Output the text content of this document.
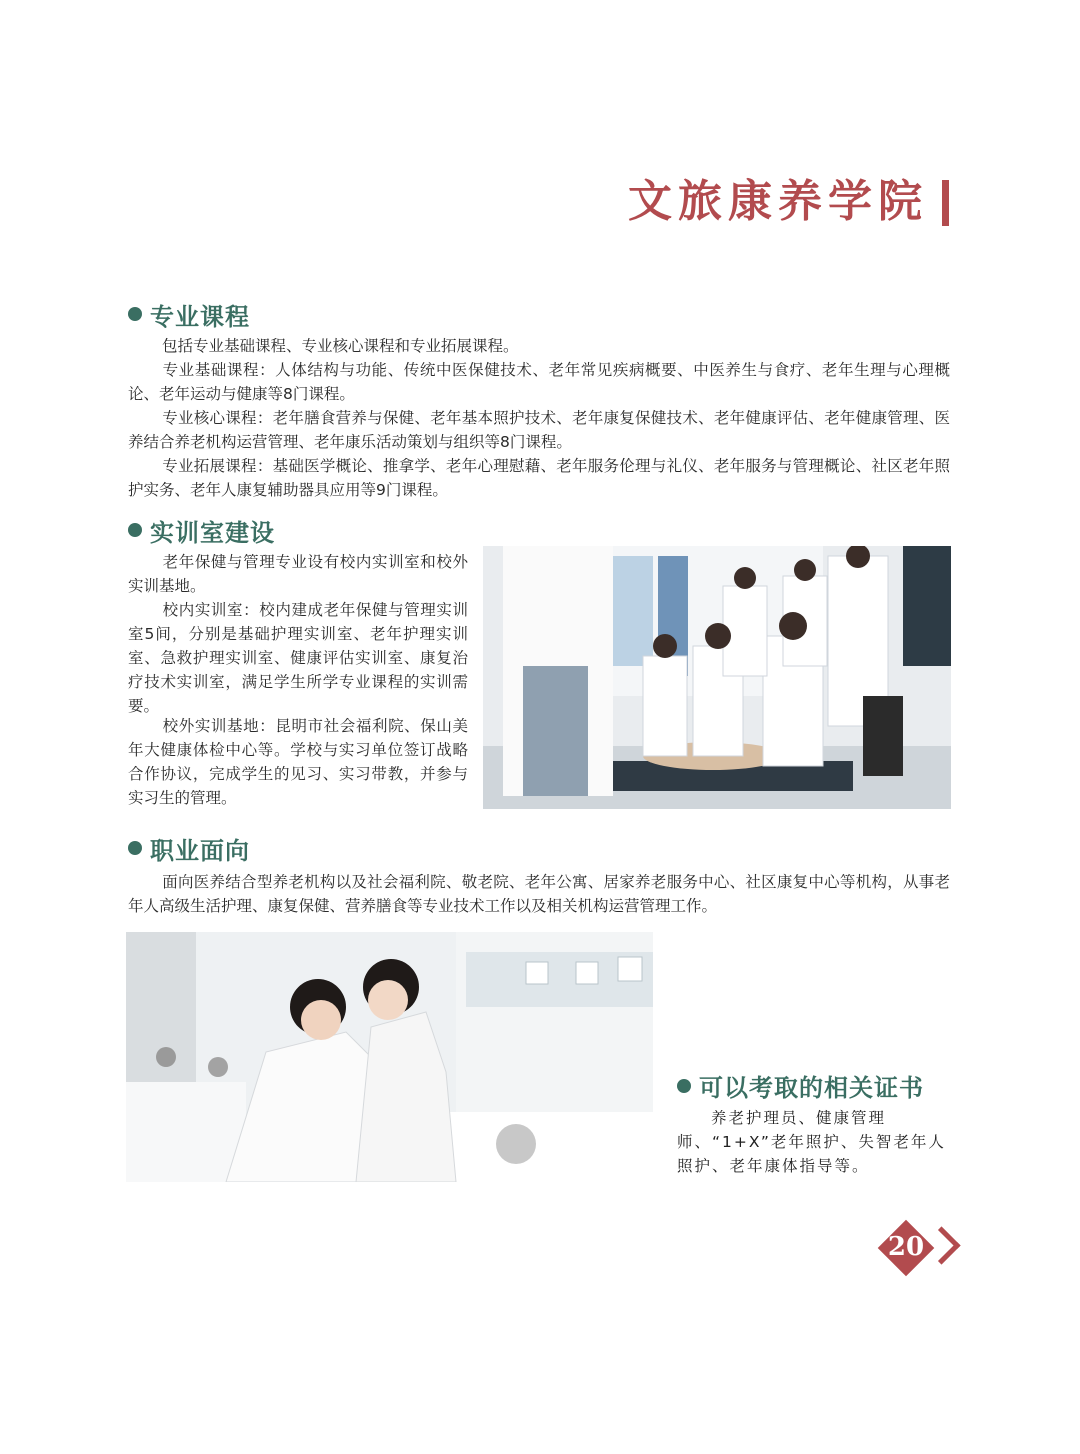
文旅康养学院
专业课程

包括专业基础课程、专业核心课程和专业拓展课程。

专业基础课程：人体结构与功能、传统中医保健技术、老年常见疾病概要、中医养生与食疗、老年生理与心理概论、老年运动与健康等8门课程。

专业核心课程：老年膳食营养与保健、老年基本照护技术、老年康复保健技术、老年健康评估、老年健康管理、医养结合养老机构运营管理、老年康乐活动策划与组织等8门课程。

专业拓展课程：基础医学概论、推拿学、老年心理慰藉、老年服务伦理与礼仪、老年服务与管理概论、社区老年照护实务、老年人康复辅助器具应用等9门课程。

实训室建设

老年保健与管理专业设有校内实训室和校外实训基地。

校内实训室：校内建成老年保健与管理实训室5间，分别是基础护理实训室、老年护理实训室、急救护理实训室、健康评估实训室、康复治疗技术实训室，满足学生所学专业课程的实训需要。

校外实训基地：昆明市社会福利院、保山美年大健康体检中心等。学校与实习单位签订战略合作协议，完成学生的见习、实习带教，并参与实习生的管理。

职业面向

面向医养结合型养老机构以及社会福利院、敬老院、老年公寓、居家养老服务中心、社区康复中心等机构，从事老年人高级生活护理、康复保健、营养膳食等专业技术工作以及相关机构运营管理工作。

可以考取的相关证书

养老护理员、健康管理师、“1+X”老年照护、失智老年人照护、老年康体指导等。

20
